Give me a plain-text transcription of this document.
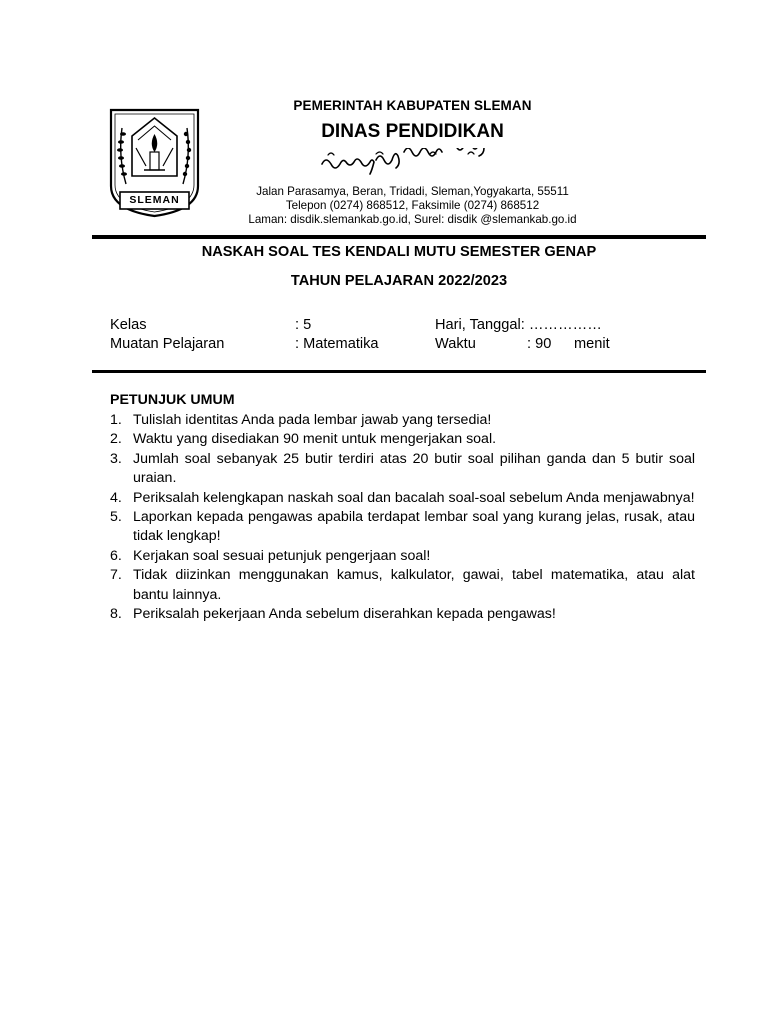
SLEMAN
PEMERINTAH KABUPATEN SLEMAN
DINAS PENDIDIKAN
Jalan Parasamya, Beran, Tridadi, Sleman,Yogyakarta, 55511
Telepon (0274) 868512, Faksimile (0274) 868512
Laman: disdik.slemankab.go.id, Surel: disdik @slemankab.go.id
NASKAH SOAL TES KENDALI MUTU SEMESTER GENAP
TAHUN PELAJARAN 2022/2023
Kelas	: 5	Hari, Tanggal: ……………
Muatan Pelajaran	: Matematika	Waktu	: 90 menit
PETUNJUK UMUM
1. Tulislah identitas Anda pada lembar jawab yang tersedia!
2. Waktu yang disediakan 90 menit untuk mengerjakan soal.
3. Jumlah soal sebanyak 25 butir terdiri atas 20 butir soal pilihan ganda dan 5 butir soal uraian.
4. Periksalah kelengkapan naskah soal dan bacalah soal-soal sebelum Anda menjawabnya!
5. Laporkan kepada pengawas apabila terdapat lembar soal yang kurang jelas, rusak, atau tidak lengkap!
6. Kerjakan soal sesuai petunjuk pengerjaan soal!
7. Tidak diizinkan menggunakan kamus, kalkulator, gawai, tabel matematika, atau alat bantu lainnya.
8. Periksalah pekerjaan Anda sebelum diserahkan kepada pengawas!
